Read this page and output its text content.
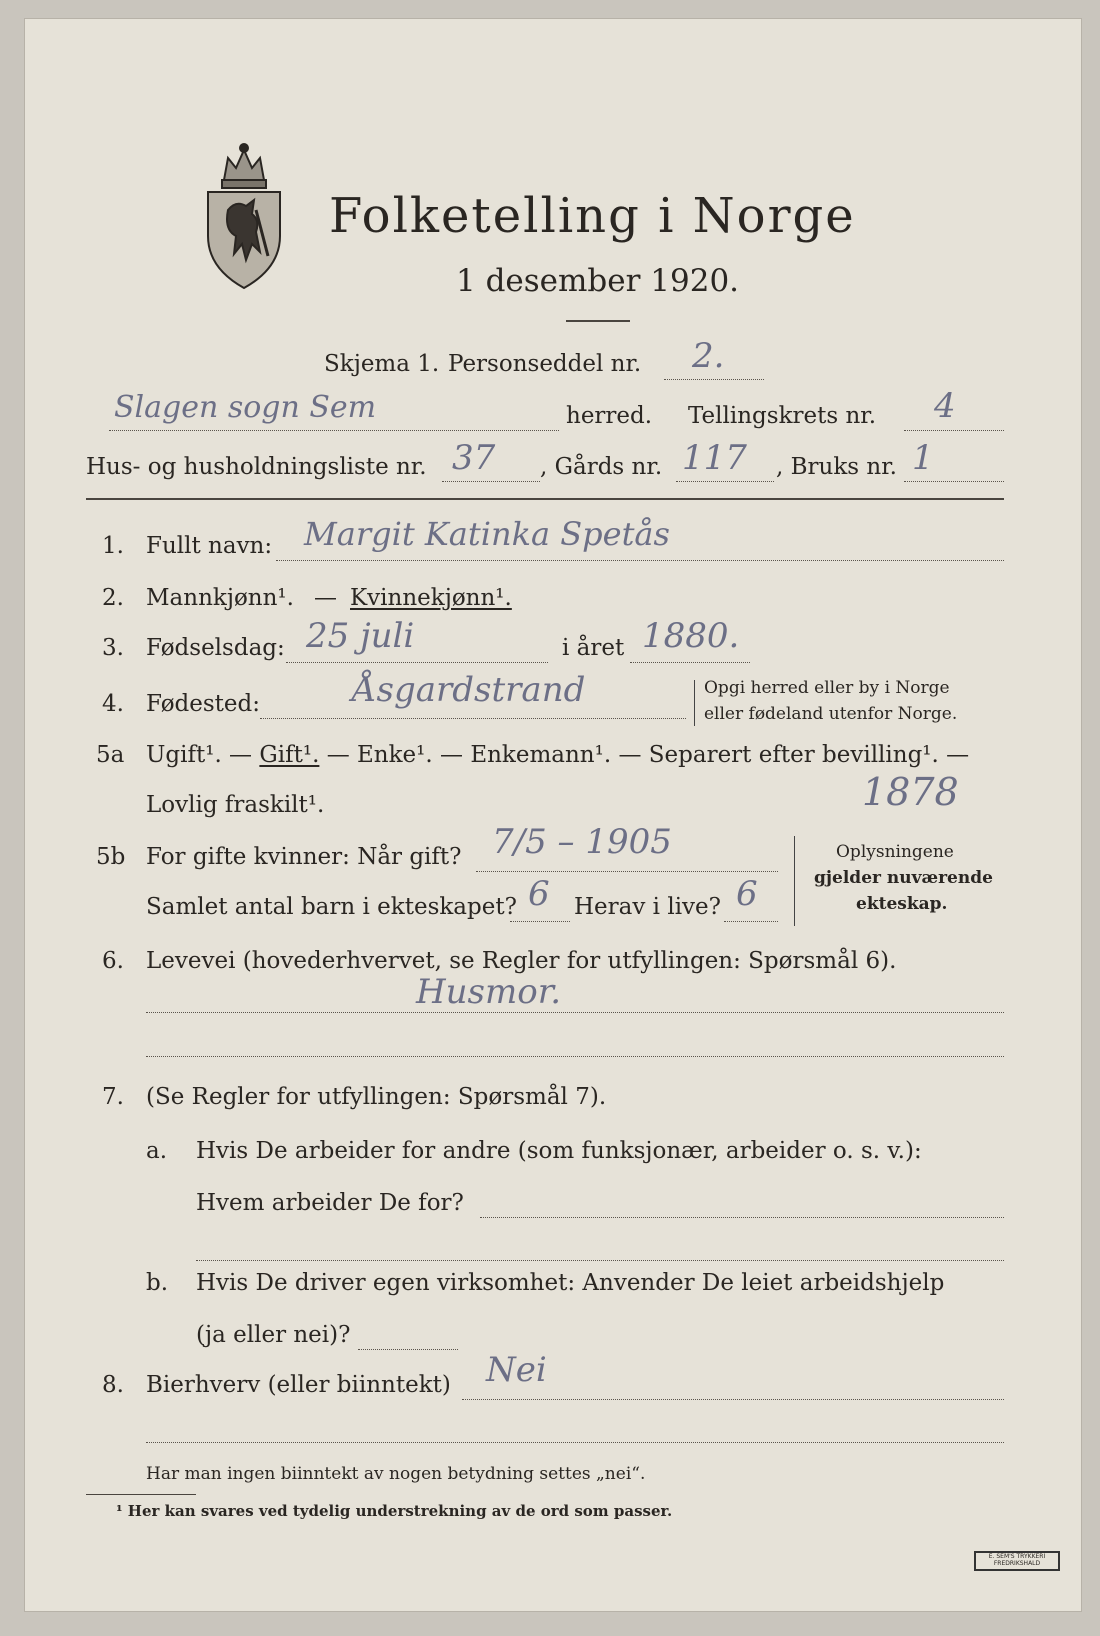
Folketelling i Norge
1 desember 1920.
Skjema 1. Personseddel nr. 2.
Slagen sogn Sem	herred. Tellingskrets nr. 4
Hus- og husholdningsliste nr. 37 , Gårds nr. 117 , Bruks nr. 1
1. Fullt navn: Margit Katinka Spetås
2. Mannkjønn¹. — Kvinnekjønn¹.
3. Fødselsdag: 25 juli	i året 1880.
4. Fødested:	Åsgardstrand	Opgi herred eller by i Norge
eller fødeland utenfor Norge.
5a Ugift¹. — Gift¹. — Enke¹. — Enkemann¹. — Separert efter bevilling¹. —
Lovlig fraskilt¹.	1878
5b For gifte kvinner: Når gift? 7/5 – 1905
Samlet antal barn i ekteskapet? 6 Herav i live? 6
Oplysningene
gjelder nuværende
ekteskap.
6. Levevei (hovederhvervet, se Regler for utfyllingen: Spørsmål 6).
Husmor.
7. (Se Regler for utfyllingen: Spørsmål 7).
a. Hvis De arbeider for andre (som funksjonær, arbeider o. s. v.):
Hvem arbeider De for?
b. Hvis De driver egen virksomhet: Anvender De leiet arbeidshjelp
(ja eller nei)?
8. Bierhverv (eller biinntekt) Nei
Har man ingen biinntekt av nogen betydning settes „nei“.
¹ Her kan svares ved tydelig understrekning av de ord som passer.
E. SEM'S TRYKKERI FREDRIKSHALD
